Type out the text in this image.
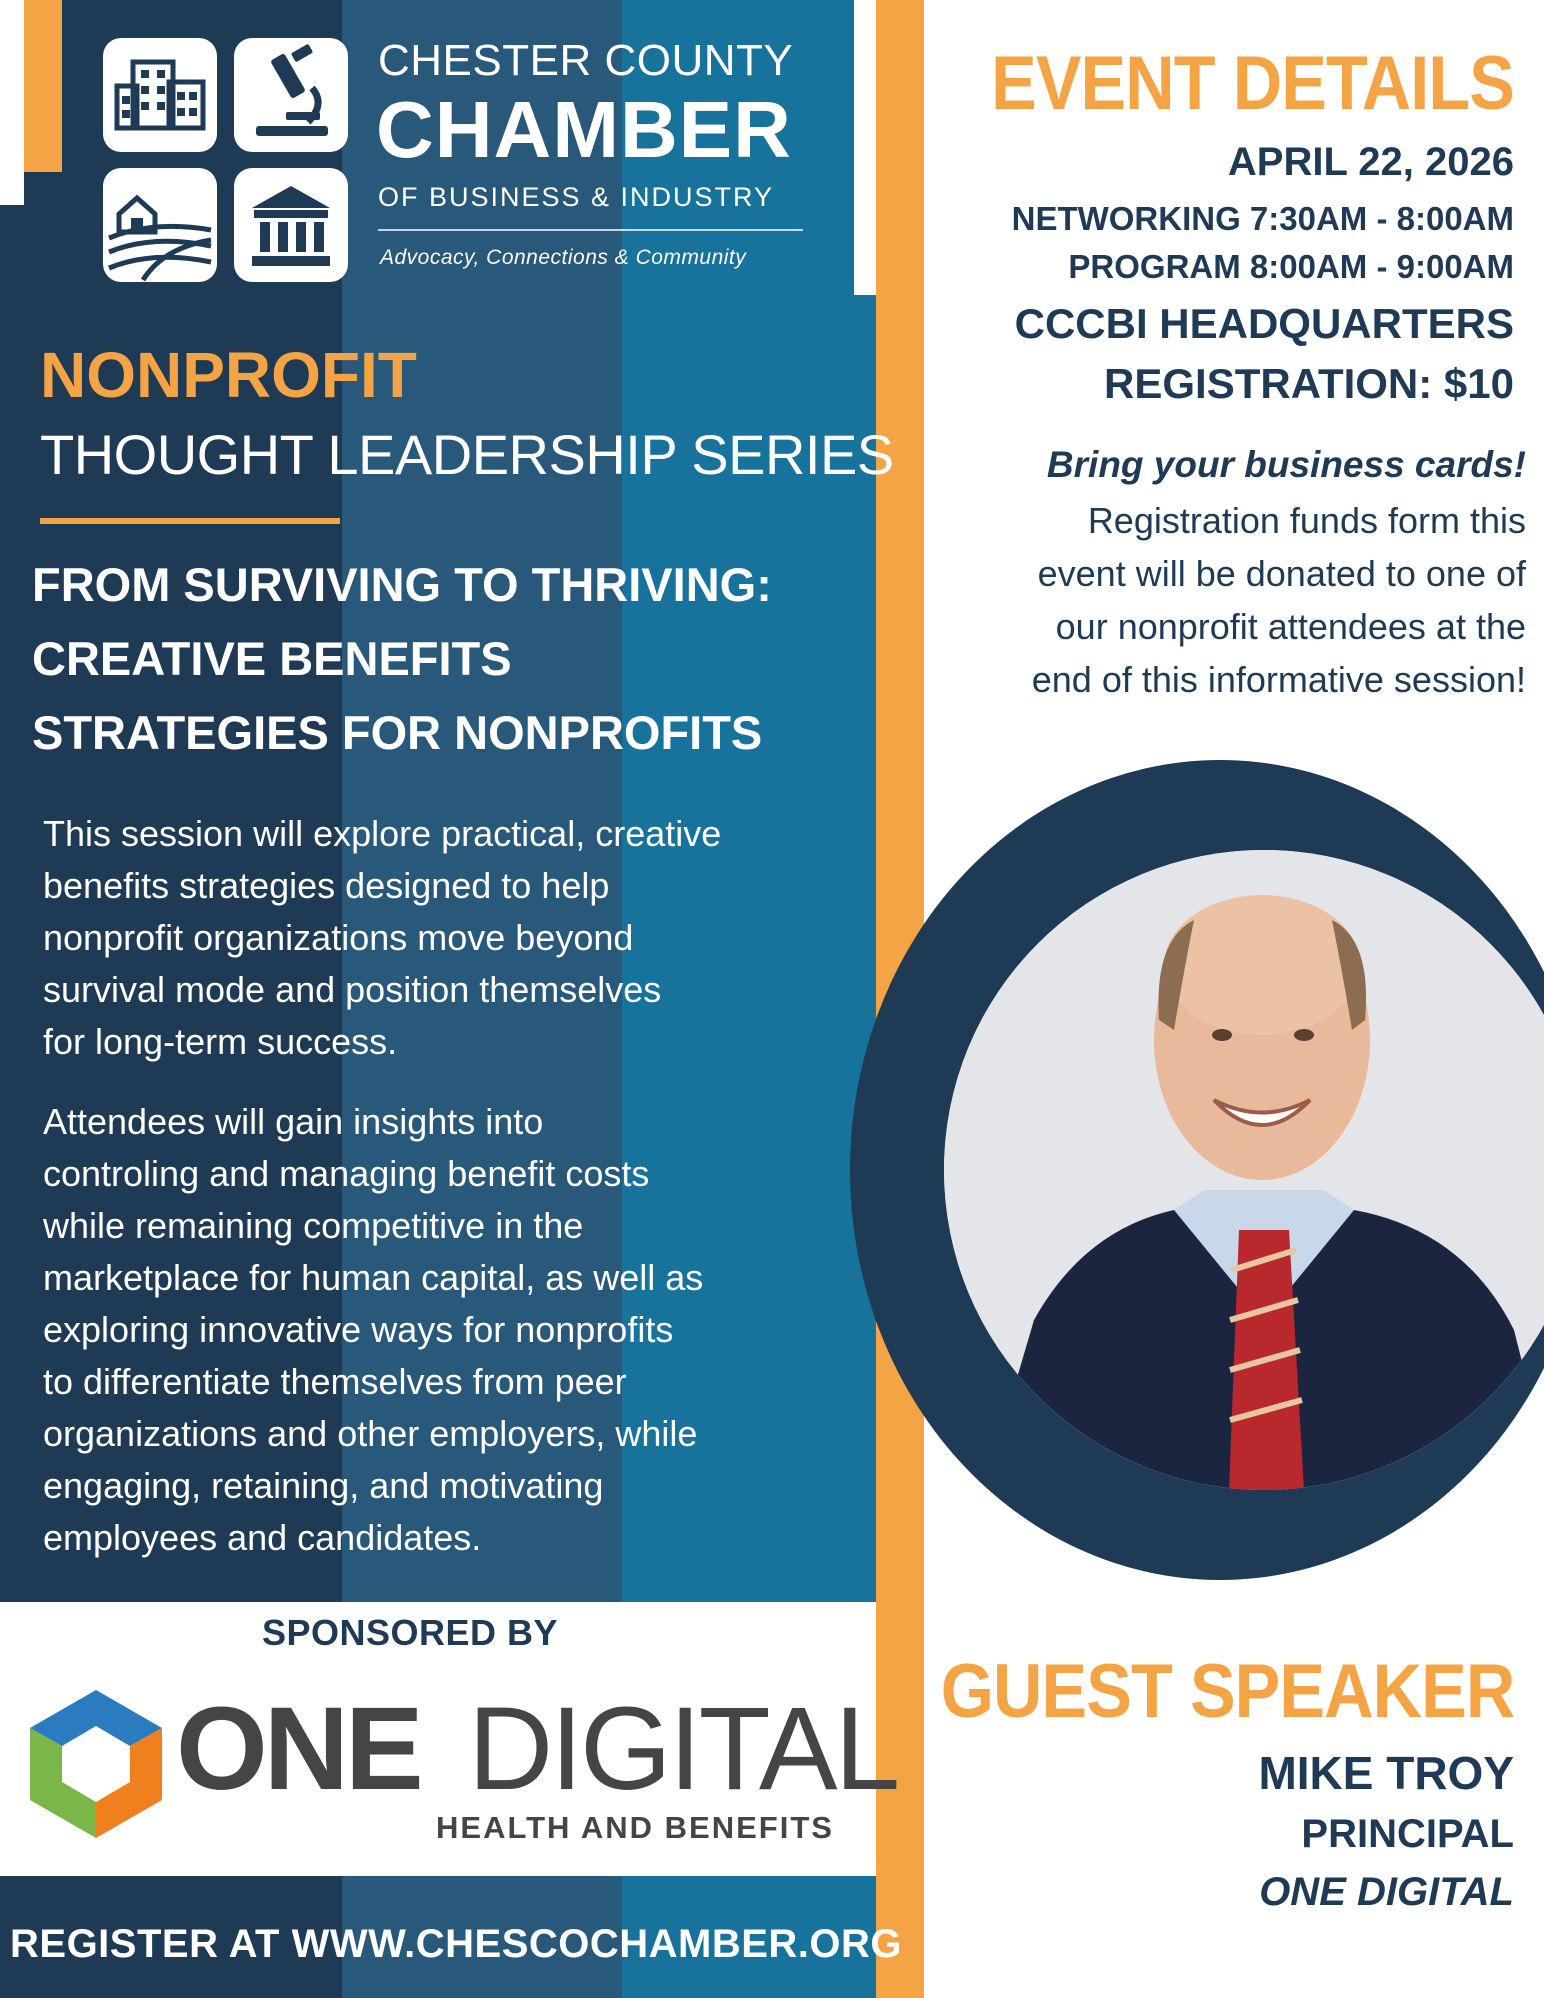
CHESTER COUNTY
CHAMBER
OF BUSINESS & INDUSTRY
Advocacy, Connections & Community
NONPROFIT
THOUGHT LEADERSHIP SERIES
FROM SURVIVING TO THRIVING:
CREATIVE BENEFITS
STRATEGIES FOR NONPROFITS
This session will explore practical, creative
benefits strategies designed to help
nonprofit organizations move beyond
survival mode and position themselves
for long-term success.
Attendees will gain insights into
controling and managing benefit costs
while remaining competitive in the
marketplace for human capital, as well as
exploring innovative ways for nonprofits
to differentiate themselves from peer
organizations and other employers, while
engaging, retaining, and motivating
employees and candidates.
SPONSORED BY
ONE DIGITAL
HEALTH AND BENEFITS
REGISTER AT WWW.CHESCOCHAMBER.ORG
EVENT DETAILS
APRIL 22, 2026
NETWORKING 7:30AM - 8:00AM
PROGRAM 8:00AM - 9:00AM
CCCBI HEADQUARTERS
REGISTRATION: $10
Bring your business cards!
Registration funds form this
event will be donated to one of
our nonprofit attendees at the
end of this informative session!
GUEST SPEAKER
MIKE TROY
PRINCIPAL
ONE DIGITAL
